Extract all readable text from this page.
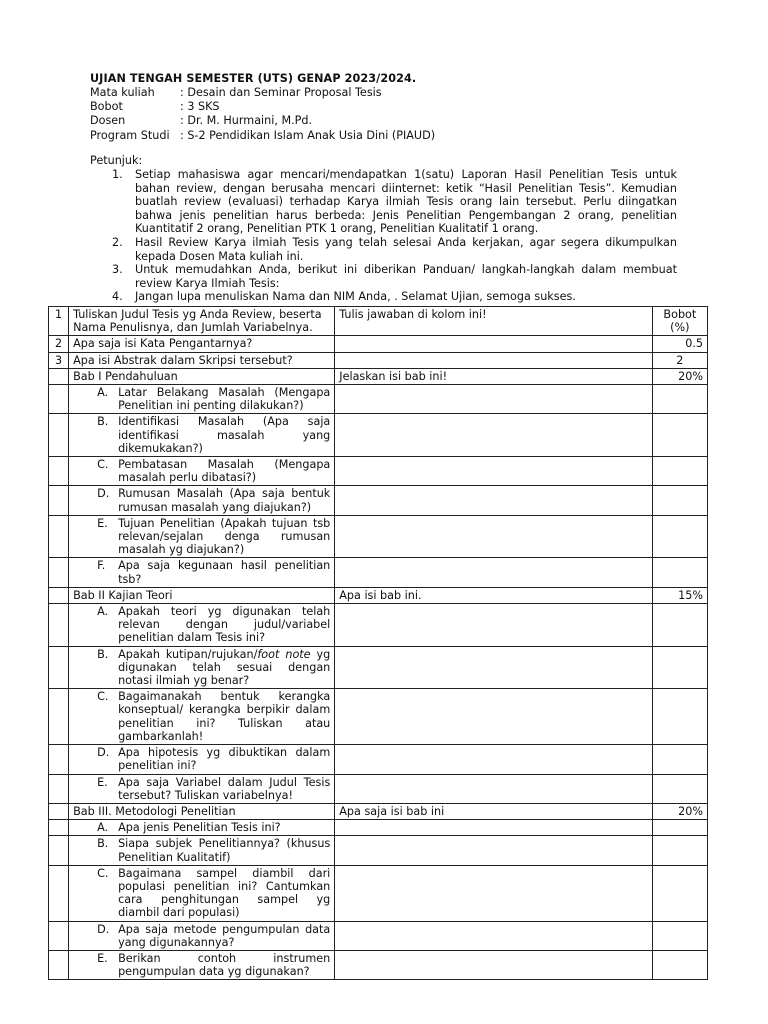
UJIAN TENGAH SEMESTER (UTS) GENAP 2023/2024.
Mata kuliah : Desain dan Seminar Proposal Tesis
Bobot	: 3 SKS
Dosen	: Dr. M. Hurmaini, M.Pd.
Program Studi : S-2 Pendidikan Islam Anak Usia Dini (PIAUD)
Petunjuk:
1. Setiap mahasiswa agar mencari/mendapatkan 1(satu) Laporan Hasil Penelitian Tesis untuk bahan review, dengan berusaha mencari diinternet: ketik “Hasil Penelitian Tesis”. Kemudian buatlah review (evaluasi) terhadap Karya ilmiah Tesis orang lain tersebut. Perlu diingatkan bahwa jenis penelitian harus berbeda: Jenis Penelitian Pengembangan 2 orang, penelitian Kuantitatif 2 orang, Penelitian PTK 1 orang, Penelitian Kualitatif 1 orang.
2. Hasil Review Karya ilmiah Tesis yang telah selesai Anda kerjakan, agar segera dikumpulkan kepada Dosen Mata kuliah ini.
3. Untuk memudahkan Anda, berikut ini diberikan Panduan/ langkah-langkah dalam membuat review Karya Ilmiah Tesis:
4. Jangan lupa menuliskan Nama dan NIM Anda, . Selamat Ujian, semoga sukses.
1	Tuliskan Judul Tesis yg Anda Review, beserta Nama Penulisnya, dan Jumlah Variabelnya.	Tulis jawaban di kolom ini!	Bobot (%)
2	Apa saja isi Kata Pengantarnya?		0.5
3	Apa isi Abstrak dalam Skripsi tersebut?		2
	Bab I Pendahuluan	Jelaskan isi bab ini!	20%

	A. Latar Belakang Masalah (Mengapa Penelitian ini penting dilakukan?)		

	B. Identifikasi Masalah (Apa saja identifikasi masalah yang dikemukakan?)		

	C. Pembatasan Masalah (Mengapa masalah perlu dibatasi?)		

	D. Rumusan Masalah (Apa saja bentuk rumusan masalah yang diajukan?)		

	E. Tujuan Penelitian (Apakah tujuan tsb relevan/sejalan denga rumusan masalah yg diajukan?)		

	F. Apa saja kegunaan hasil penelitian tsb?		

	Bab II Kajian Teori	Apa isi bab ini.	15%

	A. Apakah teori yg digunakan telah relevan dengan judul/variabel penelitian dalam Tesis ini?		

	B. Apakah kutipan/rujukan/foot note yg digunakan telah sesuai dengan notasi ilmiah yg benar?		

	C. Bagaimanakah bentuk kerangka konseptual/ kerangka berpikir dalam penelitian ini? Tuliskan atau gambarkanlah!		

	D. Apa hipotesis yg dibuktikan dalam penelitian ini?		

	E. Apa saja Variabel dalam Judul Tesis tersebut? Tuliskan variabelnya!		

	Bab III. Metodologi Penelitian	Apa saja isi bab ini	20%

	A. Apa jenis Penelitian Tesis ini?		

	B. Siapa subjek Penelitiannya? (khusus Penelitian Kualitatif)		

	C. Bagaimana sampel diambil dari populasi penelitian ini? Cantumkan cara penghitungan sampel yg diambil dari populasi)		

	D. Apa saja metode pengumpulan data yang digunakannya?		

	E. Berikan contoh instrumen pengumpulan data yg digunakan?		
